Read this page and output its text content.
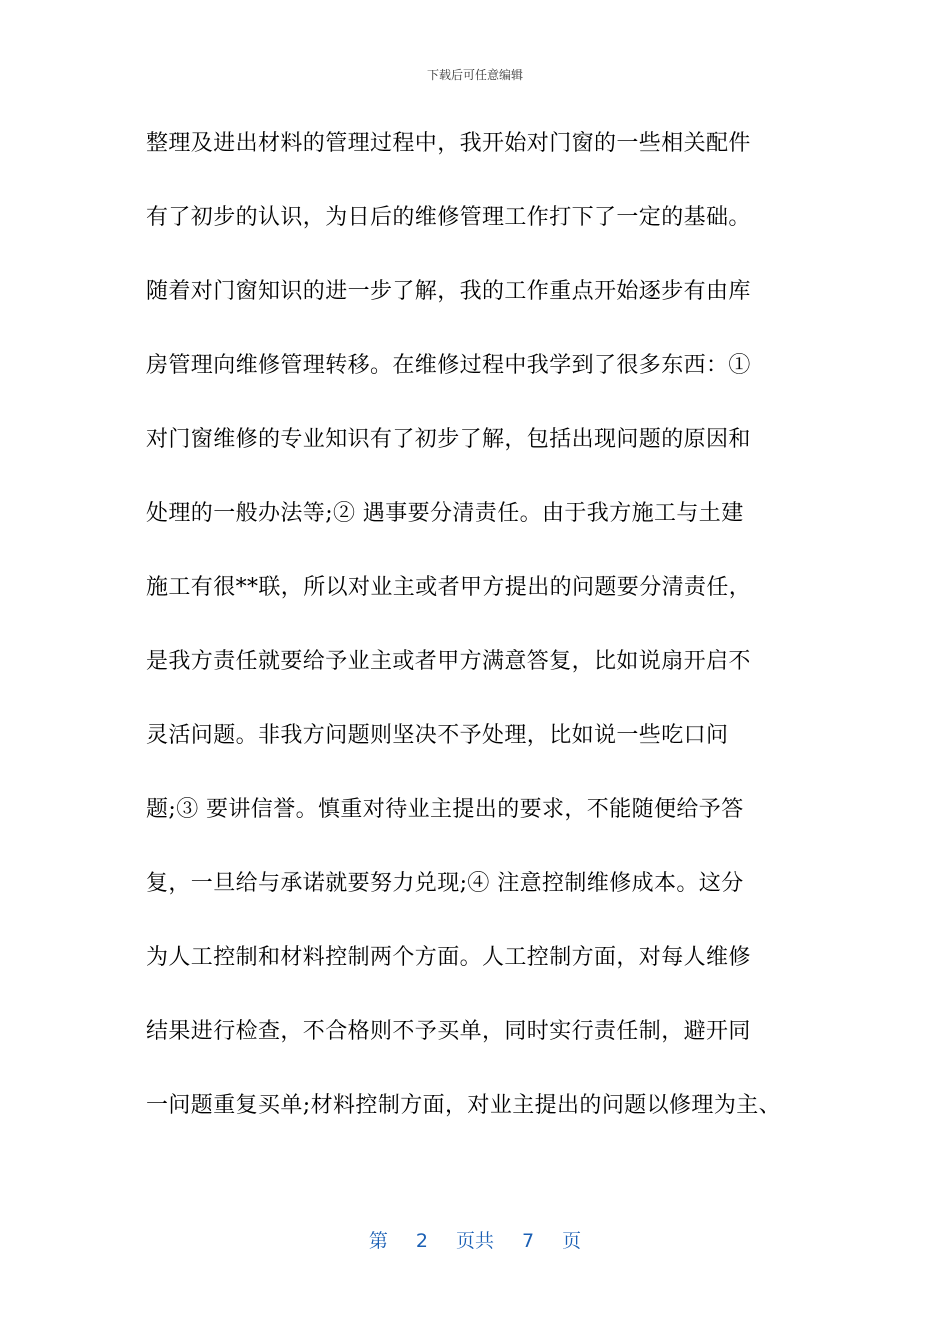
下载后可任意编辑
整理及进出材料的管理过程中，我开始对门窗的一些相关配件
有了初步的认识，为日后的维修管理工作打下了一定的基础。
随着对门窗知识的进一步了解，我的工作重点开始逐步有由库
房管理向维修管理转移。在维修过程中我学到了很多东西：①
对门窗维修的专业知识有了初步了解，包括出现问题的原因和
处理的一般办法等;② 遇事要分清责任。由于我方施工与土建
施工有很**联，所以对业主或者甲方提出的问题要分清责任，
是我方责任就要给予业主或者甲方满意答复，比如说扇开启不
灵活问题。非我方问题则坚决不予处理，比如说一些吃口问
题;③ 要讲信誉。慎重对待业主提出的要求，不能随便给予答
复，一旦给与承诺就要努力兑现;④ 注意控制维修成本。这分
为人工控制和材料控制两个方面。人工控制方面，对每人维修
结果进行检查，不合格则不予买单，同时实行责任制，避开同
一问题重复买单;材料控制方面，对业主提出的问题以修理为主、
第 2 页共 7 页
